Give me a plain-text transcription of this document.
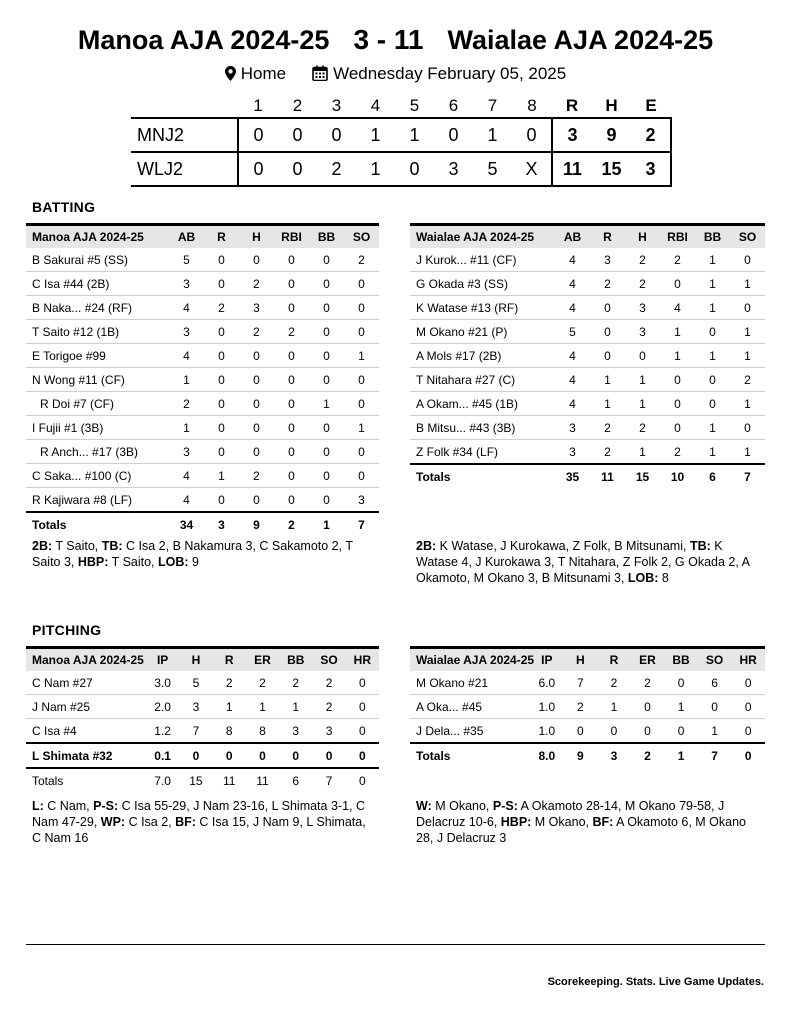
Manoa AJA 2024-25 3 - 11 Waialae AJA 2024-25
Home	Wednesday February 05, 2025
	1	2	3	4	5	6	7	8	R	H	E
MNJ2	0	0	0	1	1	0	1	0	3	9	2
WLJ2	0	0	2	1	0	3	5	X	11	15	3
BATTING
Manoa AJA 2024-25	AB	R	H	RBI	BB	SO
B Sakurai #5 (SS)	5	0	0	0	0	2
C Isa #44 (2B)	3	0	2	0	0	0
B Naka... #24 (RF)	4	2	3	0	0	0
T Saito #12 (1B)	3	0	2	2	0	0
E Torigoe #99	4	0	0	0	0	1
N Wong #11 (CF)	1	0	0	0	0	0
R Doi #7 (CF)	2	0	0	0	1	0
I Fujii #1 (3B)	1	0	0	0	0	1
R Anch... #17 (3B)	3	0	0	0	0	0
C Saka... #100 (C)	4	1	2	0	0	0
R Kajiwara #8 (LF)	4	0	0	0	0	3
Totals	34	3	9	2	1	7
Waialae AJA 2024-25	AB	R	H	RBI	BB	SO
J Kurok... #11 (CF)	4	3	2	2	1	0
G Okada #3 (SS)	4	2	2	0	1	1
K Watase #13 (RF)	4	0	3	4	1	0
M Okano #21 (P)	5	0	3	1	0	1
A Mols #17 (2B)	4	0	0	1	1	1
T Nitahara #27 (C)	4	1	1	0	0	2
A Okam... #45 (1B)	4	1	1	0	0	1
B Mitsu... #43 (3B)	3	2	2	0	1	0
Z Folk #34 (LF)	3	2	1	2	1	1
Totals	35	11	15	10	6	7
2B: T Saito, TB: C Isa 2, B Nakamura 3, C Sakamoto 2, T Saito 3, HBP: T Saito, LOB: 9
2B: K Watase, J Kurokawa, Z Folk, B Mitsunami, TB: K Watase 4, J Kurokawa 3, T Nitahara, Z Folk 2, G Okada 2, A Okamoto, M Okano 3, B Mitsunami 3, LOB: 8
PITCHING
Manoa AJA 2024-25	IP	H	R	ER	BB	SO	HR
C Nam #27	3.0	5	2	2	2	2	0
J Nam #25	2.0	3	1	1	1	2	0
C Isa #4	1.2	7	8	8	3	3	0
L Shimata #32	0.1	0	0	0	0	0	0
Totals	7.0	15	11	11	6	7	0
Waialae AJA 2024-25	IP	H	R	ER	BB	SO	HR
M Okano #21	6.0	7	2	2	0	6	0
A Oka... #45	1.0	2	1	0	1	0	0
J Dela... #35	1.0	0	0	0	0	1	0
Totals	8.0	9	3	2	1	7	0
L: C Nam, P-S: C Isa 55-29, J Nam 23-16, L Shimata 3-1, C Nam 47-29, WP: C Isa 2, BF: C Isa 15, J Nam 9, L Shimata, C Nam 16
W: M Okano, P-S: A Okamoto 28-14, M Okano 79-58, J Delacruz 10-6, HBP: M Okano, BF: A Okamoto 6, M Okano 28, J Delacruz 3
Scorekeeping. Stats. Live Game Updates.
